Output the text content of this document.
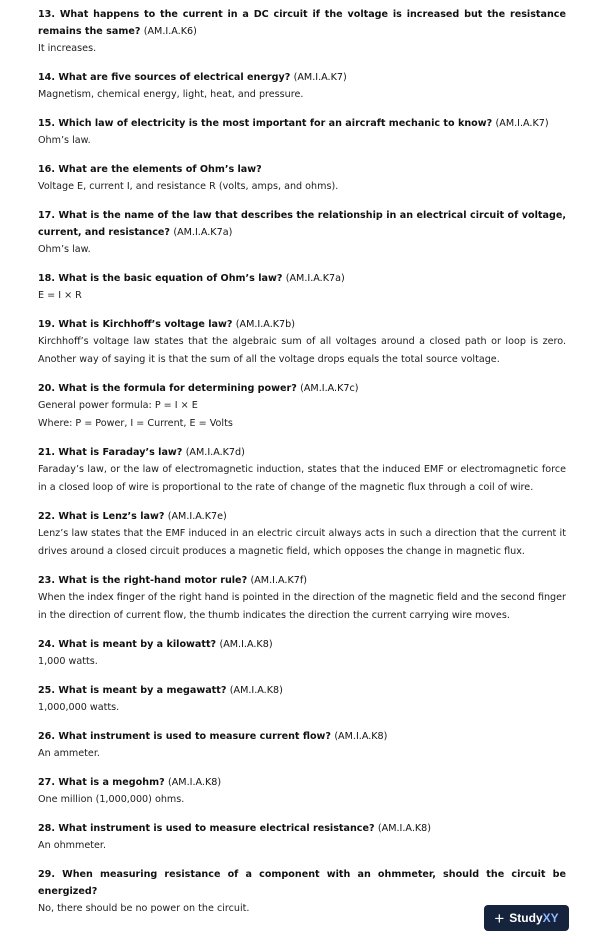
13. What happens to the current in a DC circuit if the voltage is increased but the resistance remains the same? (AM.I.A.K6)
It increases.
14. What are five sources of electrical energy? (AM.I.A.K7)
Magnetism, chemical energy, light, heat, and pressure.
15. Which law of electricity is the most important for an aircraft mechanic to know? (AM.I.A.K7)
Ohm’s law.
16. What are the elements of Ohm’s law?
Voltage E, current I, and resistance R (volts, amps, and ohms).
17. What is the name of the law that describes the relationship in an electrical circuit of voltage, current, and resistance? (AM.I.A.K7a)
Ohm’s law.
18. What is the basic equation of Ohm’s law? (AM.I.A.K7a)
E = I × R
19. What is Kirchhoff’s voltage law? (AM.I.A.K7b)
Kirchhoff’s voltage law states that the algebraic sum of all voltages around a closed path or loop is zero. Another way of saying it is that the sum of all the voltage drops equals the total source voltage.
20. What is the formula for determining power? (AM.I.A.K7c)
General power formula: P = I × E
Where: P = Power, I = Current, E = Volts
21. What is Faraday’s law? (AM.I.A.K7d)
Faraday’s law, or the law of electromagnetic induction, states that the induced EMF or electromagnetic force in a closed loop of wire is proportional to the rate of change of the magnetic flux through a coil of wire.
22. What is Lenz’s law? (AM.I.A.K7e)
Lenz’s law states that the EMF induced in an electric circuit always acts in such a direction that the current it drives around a closed circuit produces a magnetic field, which opposes the change in magnetic flux.
23. What is the right-hand motor rule? (AM.I.A.K7f)
When the index finger of the right hand is pointed in the direction of the magnetic field and the second finger in the direction of current flow, the thumb indicates the direction the current carrying wire moves.
24. What is meant by a kilowatt? (AM.I.A.K8)
1,000 watts.
25. What is meant by a megawatt? (AM.I.A.K8)
1,000,000 watts.
26. What instrument is used to measure current flow? (AM.I.A.K8)
An ammeter.
27. What is a megohm? (AM.I.A.K8)
One million (1,000,000) ohms.
28. What instrument is used to measure electrical resistance? (AM.I.A.K8)
An ohmmeter.
29. When measuring resistance of a component with an ohmmeter, should the circuit be energized?
No, there should be no power on the circuit.	+ StudyXY
